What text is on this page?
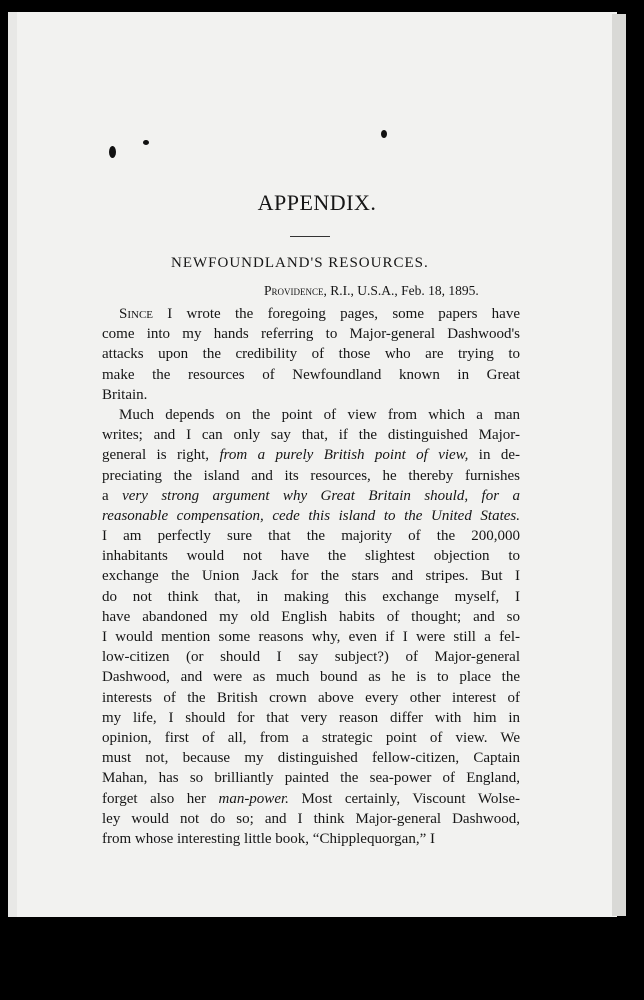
APPENDIX.
NEWFOUNDLAND'S RESOURCES.
Providence, R.I., U.S.A., Feb. 18, 1895.
Since I wrote the foregoing pages, some papers have
come into my hands referring to Major-general Dashwood's
attacks upon the credibility of those who are trying to
make the resources of Newfoundland known in Great
Britain.
Much depends on the point of view from which a man
writes; and I can only say that, if the distinguished Major-
general is right, from a purely British point of view, in de-
preciating the island and its resources, he thereby furnishes
a very strong argument why Great Britain should, for a
reasonable compensation, cede this island to the United States.
I am perfectly sure that the majority of the 200,000
inhabitants would not have the slightest objection to
exchange the Union Jack for the stars and stripes. But I
do not think that, in making this exchange myself, I
have abandoned my old English habits of thought; and so
I would mention some reasons why, even if I were still a fel-
low-citizen (or should I say subject?) of Major-general
Dashwood, and were as much bound as he is to place the
interests of the British crown above every other interest of
my life, I should for that very reason differ with him in
opinion, first of all, from a strategic point of view. We
must not, because my distinguished fellow-citizen, Captain
Mahan, has so brilliantly painted the sea-power of England,
forget also her man-power. Most certainly, Viscount Wolse-
ley would not do so; and I think Major-general Dashwood,
from whose interesting little book, “Chipplequorgan,” I
